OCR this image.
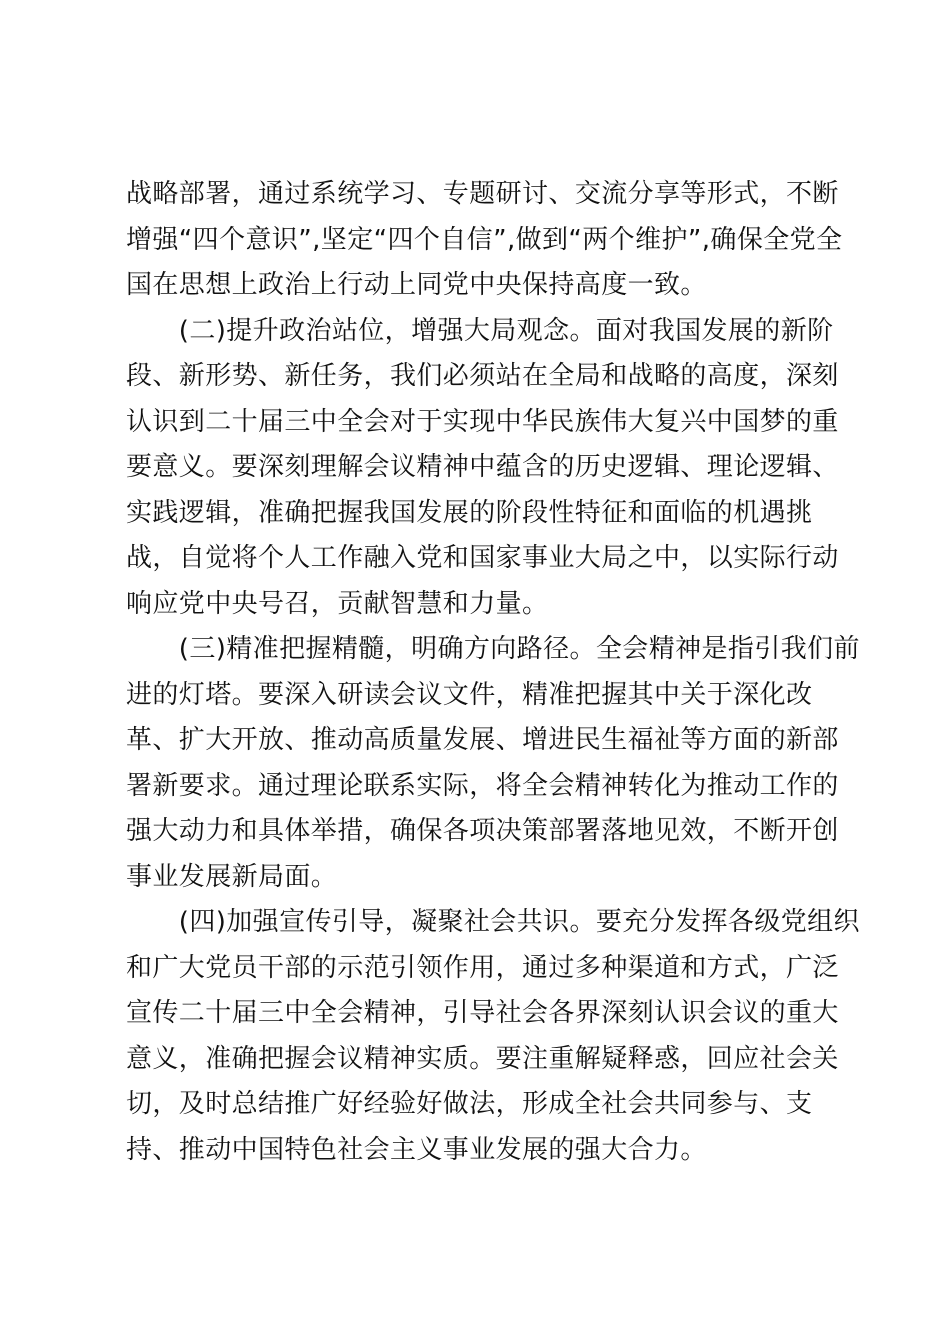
战略部署，通过系统学习、专题研讨、交流分享等形式，不断
增强“四个意识”,坚定“四个自信”,做到“两个维护”,确保全党全
国在思想上政治上行动上同党中央保持高度一致。
　　(二)提升政治站位，增强大局观念。面对我国发展的新阶
段、新形势、新任务，我们必须站在全局和战略的高度，深刻
认识到二十届三中全会对于实现中华民族伟大复兴中国梦的重
要意义。要深刻理解会议精神中蕴含的历史逻辑、理论逻辑、
实践逻辑，准确把握我国发展的阶段性特征和面临的机遇挑
战，自觉将个人工作融入党和国家事业大局之中，以实际行动
响应党中央号召，贡献智慧和力量。
　　(三)精准把握精髓，明确方向路径。全会精神是指引我们前
进的灯塔。要深入研读会议文件，精准把握其中关于深化改
革、扩大开放、推动高质量发展、增进民生福祉等方面的新部
署新要求。通过理论联系实际，将全会精神转化为推动工作的
强大动力和具体举措，确保各项决策部署落地见效，不断开创
事业发展新局面。
　　(四)加强宣传引导，凝聚社会共识。要充分发挥各级党组织
和广大党员干部的示范引领作用，通过多种渠道和方式，广泛
宣传二十届三中全会精神，引导社会各界深刻认识会议的重大
意义，准确把握会议精神实质。要注重解疑释惑，回应社会关
切，及时总结推广好经验好做法，形成全社会共同参与、支
持、推动中国特色社会主义事业发展的强大合力。
